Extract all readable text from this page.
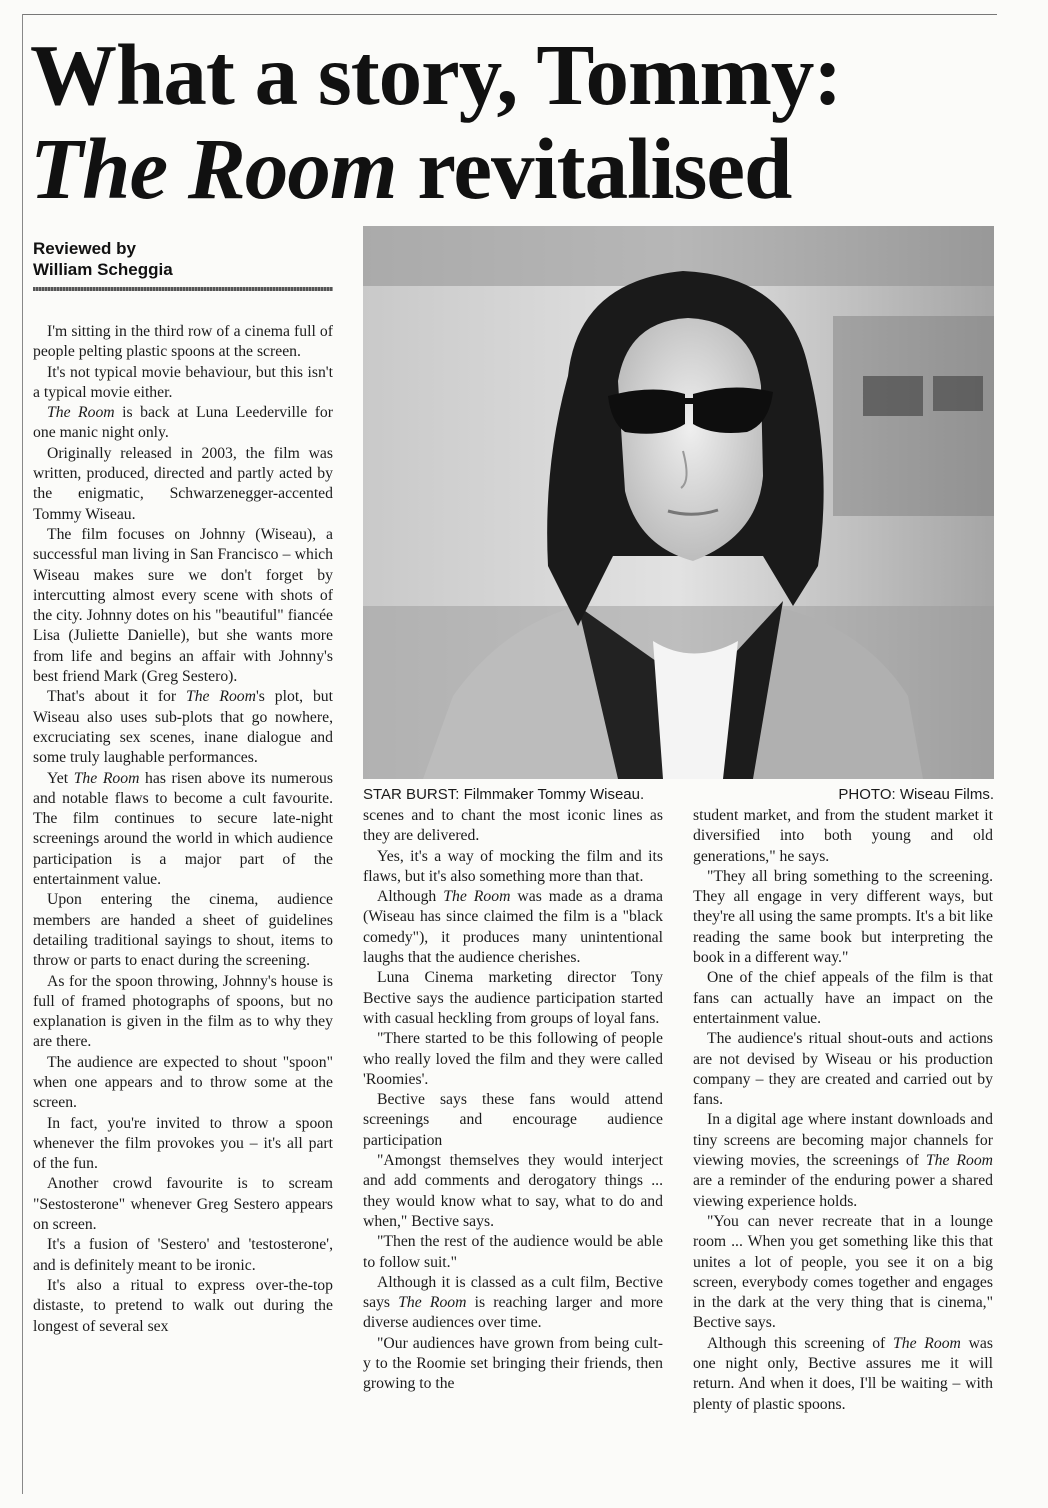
What a story, Tommy:
The Room revitalised
Reviewed by
William Scheggia
STAR BURST: Filmmaker Tommy Wiseau.	PHOTO: Wiseau Films.

I'm sitting in the third row of a cinema full of people pelting plastic spoons at the screen.

It's not typical movie behaviour, but this isn't a typical movie either.

The Room is back at Luna Leederville for one manic night only.

Originally released in 2003, the film was written, produced, directed and partly acted by the enigmatic, Schwarzenegger-accented Tommy Wiseau.

The film focuses on Johnny (Wiseau), a successful man living in San Francisco – which Wiseau makes sure we don't forget by intercutting almost every scene with shots of the city. Johnny dotes on his "beautiful" fiancée Lisa (Juliette Danielle), but she wants more from life and begins an affair with Johnny's best friend Mark (Greg Sestero).

That's about it for The Room's plot, but Wiseau also uses sub-plots that go nowhere, excruciating sex scenes, inane dialogue and some truly laughable performances.

Yet The Room has risen above its numerous and notable flaws to become a cult favourite. The film continues to secure late-night screenings around the world in which audience participation is a major part of the entertainment value.

Upon entering the cinema, audience members are handed a sheet of guidelines detailing traditional sayings to shout, items to throw or parts to enact during the screening.

As for the spoon throwing, Johnny's house is full of framed photographs of spoons, but no explanation is given in the film as to why they are there.

The audience are expected to shout "spoon" when one appears and to throw some at the screen.

In fact, you're invited to throw a spoon whenever the film provokes you – it's all part of the fun.

Another crowd favourite is to scream "Sestosterone" whenever Greg Sestero appears on screen.

It's a fusion of 'Sestero' and 'testosterone', and is definitely meant to be ironic.

It's also a ritual to express over-the-top distaste, to pretend to walk out during the longest of several sex

scenes and to chant the most iconic lines as they are delivered.

Yes, it's a way of mocking the film and its flaws, but it's also something more than that.

Although The Room was made as a drama (Wiseau has since claimed the film is a "black comedy"), it produces many unintentional laughs that the audience cherishes.

Luna Cinema marketing director Tony Bective says the audience participation started with casual heckling from groups of loyal fans.

"There started to be this following of people who really loved the film and they were called 'Roomies'.

Bective says these fans would attend screenings and encourage audience participation

"Amongst themselves they would interject and add comments and derogatory things ... they would know what to say, what to do and when," Bective says.

"Then the rest of the audience would be able to follow suit."

Although it is classed as a cult film, Bective says The Room is reaching larger and more diverse audiences over time.

"Our audiences have grown from being cult-y to the Roomie set bringing their friends, then growing to the

student market, and from the student market it diversified into both young and old generations," he says.

"They all bring something to the screening. They all engage in very different ways, but they're all using the same prompts. It's a bit like reading the same book but interpreting the book in a different way."

One of the chief appeals of the film is that fans can actually have an impact on the entertainment value.

The audience's ritual shout-outs and actions are not devised by Wiseau or his production company – they are created and carried out by fans.

In a digital age where instant downloads and tiny screens are becoming major channels for viewing movies, the screenings of The Room are a reminder of the enduring power a shared viewing experience holds.

"You can never recreate that in a lounge room ... When you get something like this that unites a lot of people, you see it on a big screen, everybody comes together and engages in the dark at the very thing that is cinema," Bective says.

Although this screening of The Room was one night only, Bective assures me it will return. And when it does, I'll be waiting – with plenty of plastic spoons.
